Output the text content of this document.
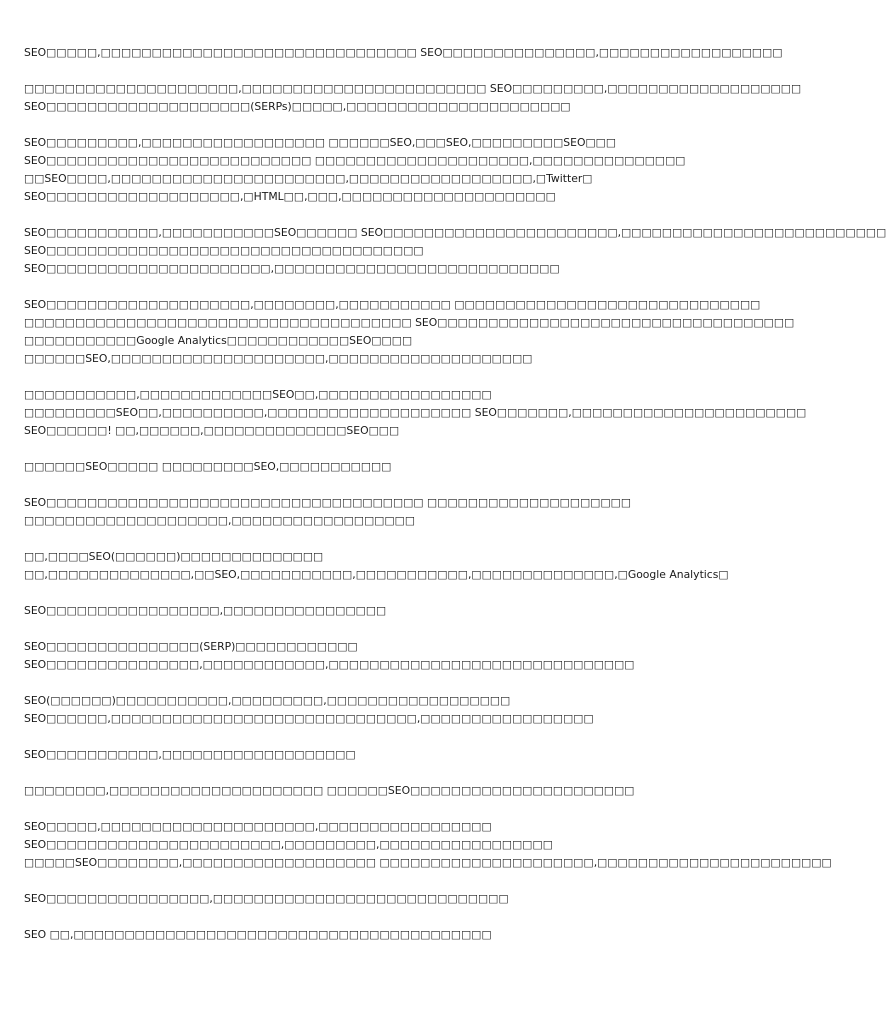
SEO□□□□□,□□□□□□□□□□□□□□□□□□□□□□□□□□□□□□□ SEO□□□□□□□□□□□□□□□,□□□□□□□□□□□□□□□□□□
□□□□□□□□□□□□□□□□□□□□□,□□□□□□□□□□□□□□□□□□□□□□□□ SEO□□□□□□□□□,□□□□□□□□□□□□□□□□□□□
SEO□□□□□□□□□□□□□□□□□□□□(SERPs)□□□□□,□□□□□□□□□□□□□□□□□□□□□□
SEO□□□□□□□□□,□□□□□□□□□□□□□□□□□□ □□□□□□SEO,□□□SEO,□□□□□□□□□SEO□□□
SEO□□□□□□□□□□□□□□□□□□□□□□□□□□ □□□□□□□□□□□□□□□□□□□□□,□□□□□□□□□□□□□□□
□□SEO□□□□,□□□□□□□□□□□□□□□□□□□□□□□,□□□□□□□□□□□□□□□□□□,□Twitter□
SEO□□□□□□□□□□□□□□□□□□□,□HTML□□,□□□,□□□□□□□□□□□□□□□□□□□□□
SEO□□□□□□□□□□□,□□□□□□□□□□□SEO□□□□□□ SEO□□□□□□□□□□□□□□□□□□□□□□□,□□□□□□□□□□□□□□□□□□□□□□□□□□
SEO□□□□□□□□□□□□□□□□□□□□□□□□□□□□□□□□□□□□□
SEO□□□□□□□□□□□□□□□□□□□□□□,□□□□□□□□□□□□□□□□□□□□□□□□□□□□
SEO□□□□□□□□□□□□□□□□□□□□,□□□□□□□□,□□□□□□□□□□□ □□□□□□□□□□□□□□□□□□□□□□□□□□□□□□
□□□□□□□□□□□□□□□□□□□□□□□□□□□□□□□□□□□□□□ SEO□□□□□□□□□□□□□□□□□□□□□□□□□□□□□□□□□□□
□□□□□□□□□□□Google Analytics□□□□□□□□□□□□SEO□□□□
□□□□□□SEO,□□□□□□□□□□□□□□□□□□□□□,□□□□□□□□□□□□□□□□□□□□
□□□□□□□□□□□,□□□□□□□□□□□□□SEO□□,□□□□□□□□□□□□□□□□□
□□□□□□□□□SEO□□,□□□□□□□□□□,□□□□□□□□□□□□□□□□□□□□ SEO□□□□□□□,□□□□□□□□□□□□□□□□□□□□□□□
SEO□□□□□□! □□,□□□□□□,□□□□□□□□□□□□□□SEO□□□
□□□□□□SEO□□□□□ □□□□□□□□□SEO,□□□□□□□□□□□
SEO□□□□□□□□□□□□□□□□□□□□□□□□□□□□□□□□□□□□□ □□□□□□□□□□□□□□□□□□□□
□□□□□□□□□□□□□□□□□□□□,□□□□□□□□□□□□□□□□□□
□□,□□□□SEO(□□□□□□)□□□□□□□□□□□□□□
□□,□□□□□□□□□□□□□□,□□SEO,□□□□□□□□□□□,□□□□□□□□□□□,□□□□□□□□□□□□□□,□Google Analytics□
SEO□□□□□□□□□□□□□□□□□,□□□□□□□□□□□□□□□□
SEO□□□□□□□□□□□□□□□(SERP)□□□□□□□□□□□□
SEO□□□□□□□□□□□□□□□,□□□□□□□□□□□□,□□□□□□□□□□□□□□□□□□□□□□□□□□□□□□
SEO(□□□□□□)□□□□□□□□□□□,□□□□□□□□□,□□□□□□□□□□□□□□□□□□
SEO□□□□□□,□□□□□□□□□□□□□□□□□□□□□□□□□□□□□□,□□□□□□□□□□□□□□□□□
SEO□□□□□□□□□□□,□□□□□□□□□□□□□□□□□□□
□□□□□□□□,□□□□□□□□□□□□□□□□□□□□□ □□□□□□SEO□□□□□□□□□□□□□□□□□□□□□□
SEO□□□□□,□□□□□□□□□□□□□□□□□□□□□,□□□□□□□□□□□□□□□□□
SEO□□□□□□□□□□□□□□□□□□□□□□□,□□□□□□□□□,□□□□□□□□□□□□□□□□□
□□□□□SEO□□□□□□□□,□□□□□□□□□□□□□□□□□□□ □□□□□□□□□□□□□□□□□□□□□,□□□□□□□□□□□□□□□□□□□□□□□
SEO□□□□□□□□□□□□□□□□,□□□□□□□□□□□□□□□□□□□□□□□□□□□□□
SEO □□,□□□□□□□□□□□□□□□□□□□□□□□□□□□□□□□□□□□□□□□□□
